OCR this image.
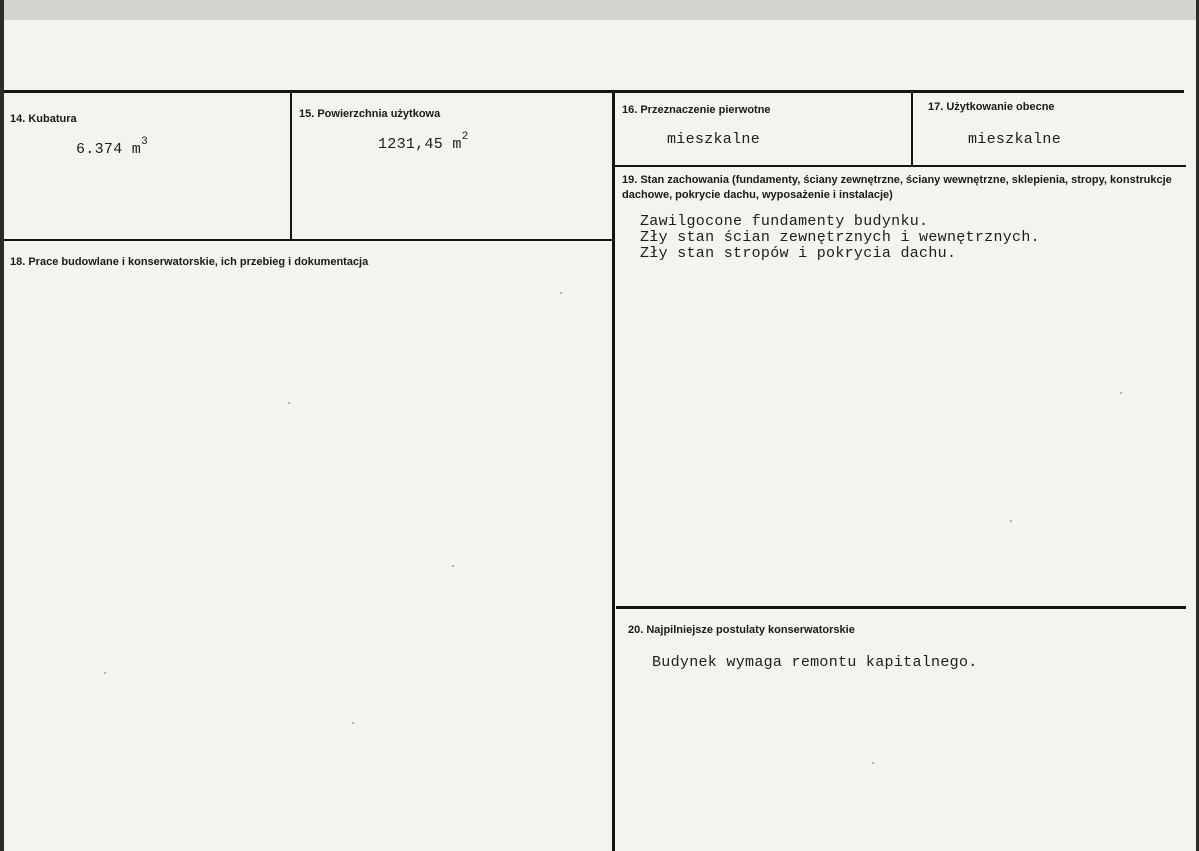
14. Kubatura
6.374 $m^3$
15. Powierzchnia użytkowa
1231,45 $m^2$
16. Przeznaczenie pierwotne
mieszkalne
17. Użytkowanie obecne
mieszkalne
18. Prace budowlane i konserwatorskie, ich przebieg i dokumentacja
19. Stan zachowania (fundamenty, ściany zewnętrzne, ściany wewnętrzne, sklepienia, stropy, konstrukcje dachowe, pokrycie dachu, wyposażenie i instalacje)
Zawilgocone fundamenty budynku.
Zły stan ścian zewnętrznych i wewnętrznych.
Zły stan stropów i pokrycia dachu.
20. Najpilniejsze postulaty konserwatorskie
Budynek wymaga remontu kapitalnego.
